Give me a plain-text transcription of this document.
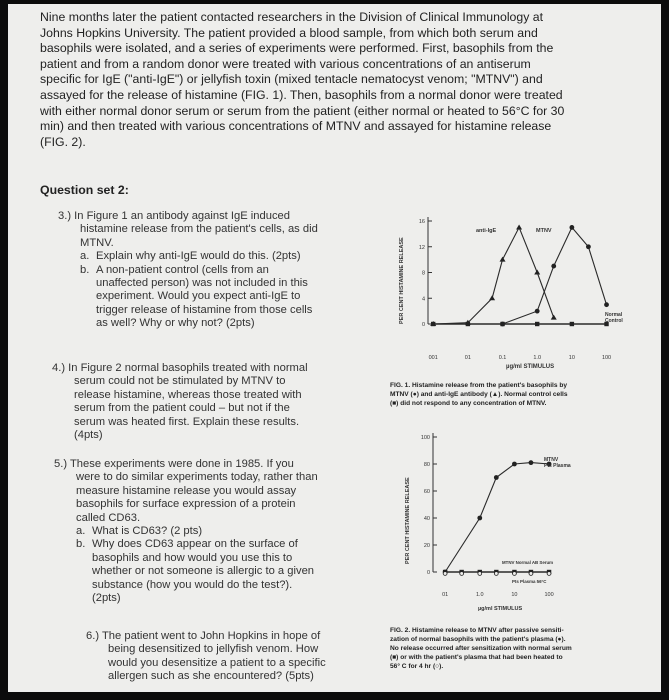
Nine months later the patient contacted researchers in the Division of Clinical Immunology at
Johns Hopkins University. The patient provided a blood sample, from which both serum and
basophils were isolated, and a series of experiments were performed. First, basophils from the
patient and from a random donor were treated with various concentrations of an antiserum
specific for IgE ("anti-IgE") or jellyfish toxin (mixed tentacle nematocyst venom; "MTNV") and
assayed for the release of histamine (FIG. 1). Then, basophils from a normal donor were treated
with either normal donor serum or serum from the patient (either normal or heated to 56°C for 30
min) and then treated with various concentrations of MTNV and assayed for histamine release
(FIG. 2).
Question set 2:
3.) In Figure 1 an antibody against IgE induced
histamine release from the patient's cells, as did
MTNV.
a. Explain why anti-IgE would do this. (2pts)
b. A non-patient control (cells from an
unaffected person) was not included in this
experiment. Would you expect anti-IgE to
trigger release of histamine from those cells
as well? Why or why not? (2pts)
4.) In Figure 2 normal basophils treated with normal
serum could not be stimulated by MTNV to
release histamine, whereas those treated with
serum from the patient could – but not if the
serum was heated first. Explain these results.
(4pts)
5.) These experiments were done in 1985. If you
were to do similar experiments today, rather than
measure histamine release you would assay
basophils for surface expression of a protein
called CD63.
a. What is CD63? (2 pts)
b. Why does CD63 appear on the surface of
basophils and how would you use this to
whether or not someone is allergic to a given
substance (how you would do the test?).
(2pts)
6.) The patient went to John Hopkins in hope of
being desensitized to jellyfish venom. How
would you desensitize a patient to a specific
allergen such as she encountered? (5pts)
16
12
8
4
0
001	01	0.1	1.0	10	100
PER CENT HISTAMINE RELEASE
µg/ml STIMULUS
anti-IgE	MTNV
Normal
Control
FIG. 1. Histamine release from the patient's basophils by
MTNV (●) and anti-IgE antibody (▲). Normal control cells
(■) did not respond to any concentration of MTNV.
100
80
60
40
20
0
01	1.0	10	100
PER CENT HISTAMINE RELEASE
µg/ml STIMULUS
MTNV
Pts Plasma
MTNV Normal AB Serum
Pts Plasma 56°C
FIG. 2. Histamine release to MTNV after passive sensiti-
zation of normal basophils with the patient's plasma (●).
No release occurred after sensitization with normal serum
(■) or with the patient's plasma that had been heated to
56° C for 4 hr (○).
